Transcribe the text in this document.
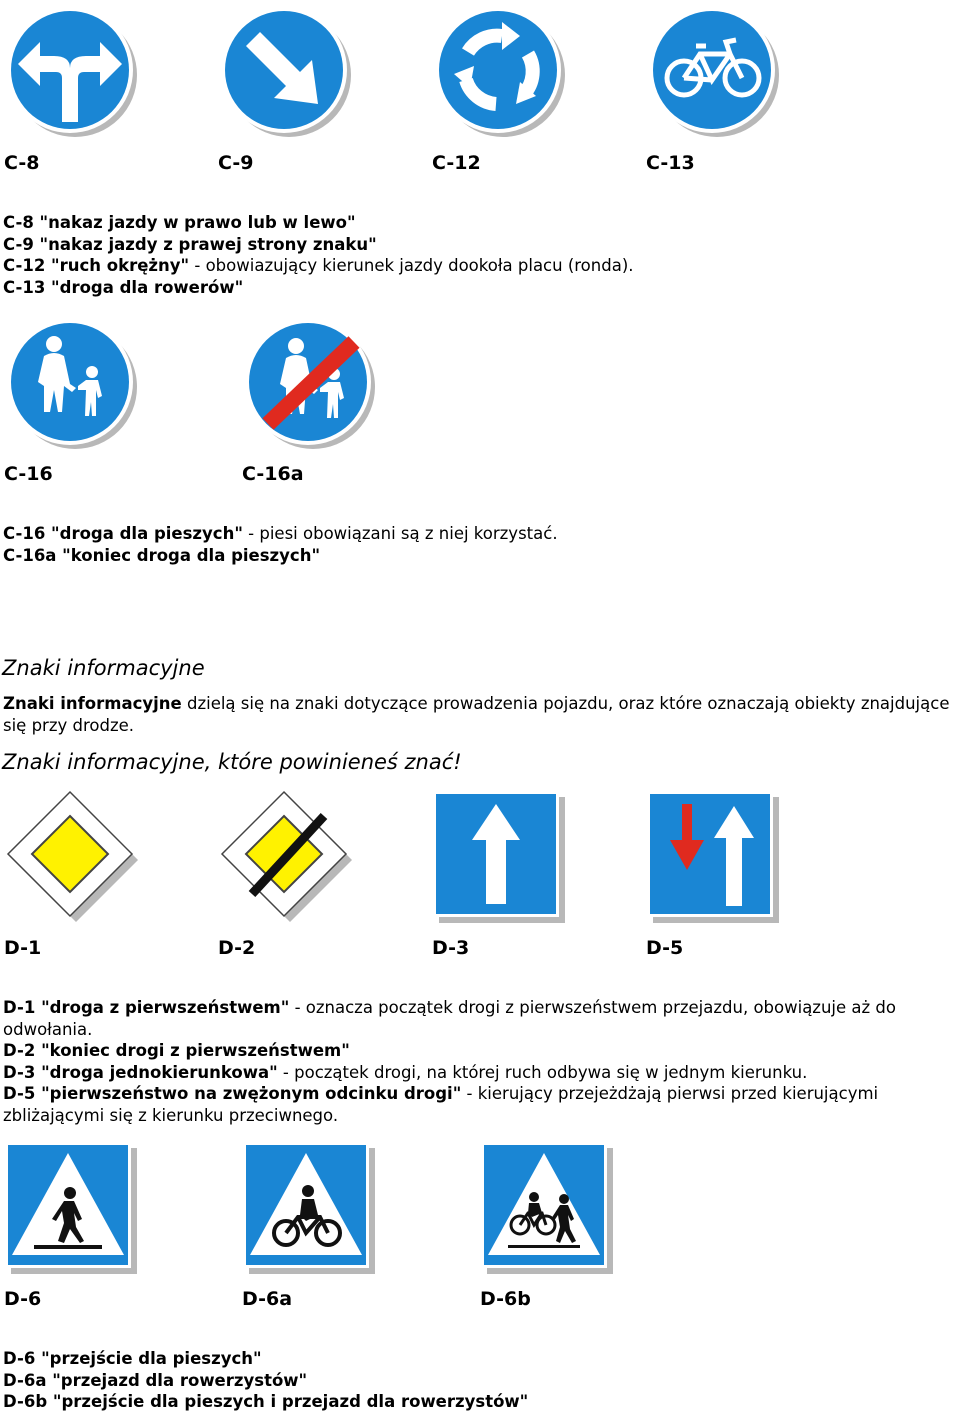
C-8	C-9	C-12	C-13

C-8 "nakaz jazdy w prawo lub w lewo"

C-9 "nakaz jazdy z prawej strony znaku"

C-12 "ruch okrężny" - obowiazujący kierunek jazdy dookoła placu (ronda).

C-13 "droga dla rowerów"

C-16	C-16a

C-16 "droga dla pieszych" - piesi obowiązani są z niej korzystać.

C-16a "koniec droga dla pieszych"

Znaki informacyjne

Znaki informacyjne dzielą się na znaki dotyczące prowadzenia pojazdu, oraz które oznaczają obiekty znajdujące się przy drodze.

Znaki informacyjne, które powinieneś znać!
D-1	D-2	D-3	D-5

D-1 "droga z pierwszeństwem" - oznacza początek drogi z pierwszeństwem przejazdu, obowiązuje aż do odwołania.

D-2 "koniec drogi z pierwszeństwem"

D-3 "droga jednokierunkowa" - początek drogi, na której ruch odbywa się w jednym kierunku.

D-5 "pierwszeństwo na zwężonym odcinku drogi" - kierujący przejeżdżają pierwsi przed kierującymi zbliżającymi się z kierunku przeciwnego.

D-6	D-6a	D-6b

D-6 "przejście dla pieszych"

D-6a "przejazd dla rowerzystów"

D-6b "przejście dla pieszych i przejazd dla rowerzystów"
